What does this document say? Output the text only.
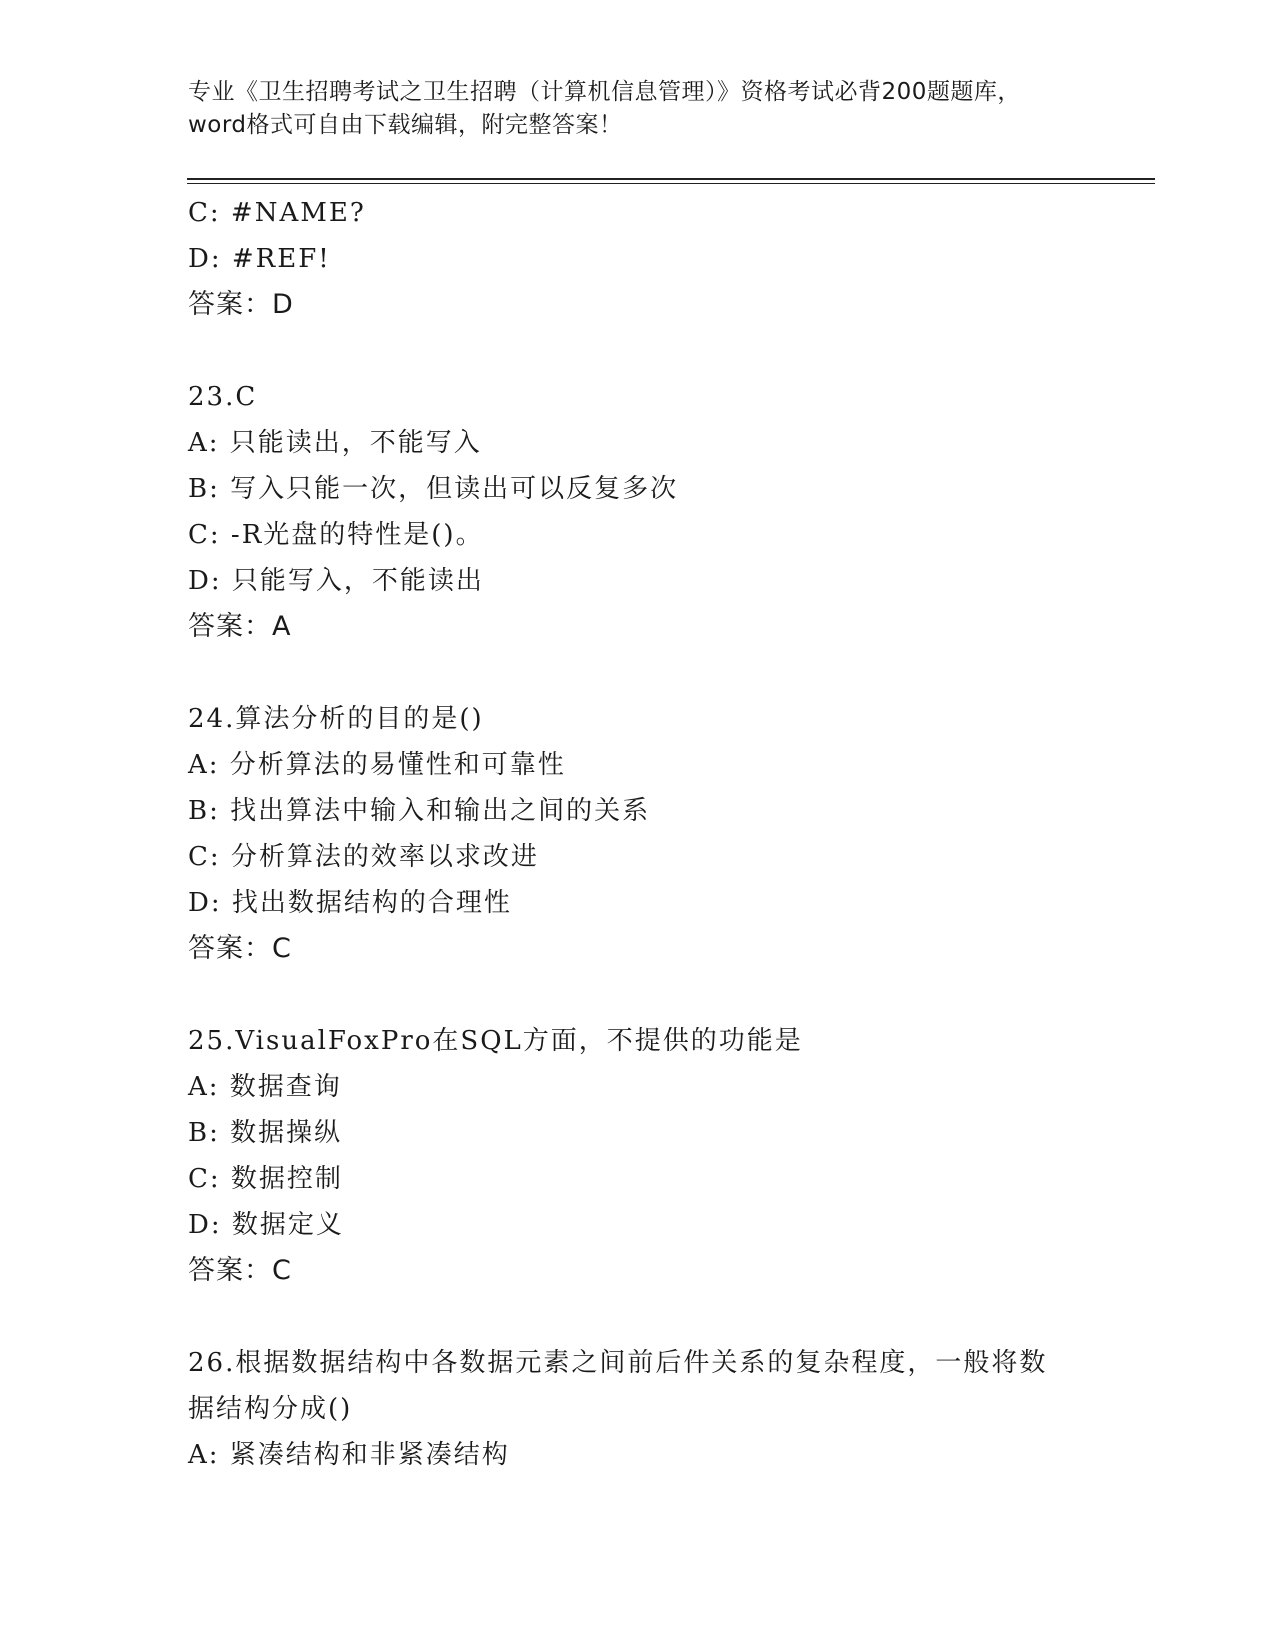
专业《卫生招聘考试之卫生招聘（计算机信息管理）》资格考试必背200题题库，
word格式可自由下载编辑，附完整答案！
C: #NAME?
D: #REF!
答案：D
23.C
A: 只能读出，不能写入
B: 写入只能一次，但读出可以反复多次
C: -R光盘的特性是()。
D: 只能写入，不能读出
答案：A
24.算法分析的目的是()
A: 分析算法的易懂性和可靠性
B: 找出算法中输入和输出之间的关系
C: 分析算法的效率以求改进
D: 找出数据结构的合理性
答案：C
25.VisualFoxPro在SQL方面，不提供的功能是
A: 数据查询
B: 数据操纵
C: 数据控制
D: 数据定义
答案：C
26.根据数据结构中各数据元素之间前后件关系的复杂程度，一般将数
据结构分成()
A: 紧凑结构和非紧凑结构
